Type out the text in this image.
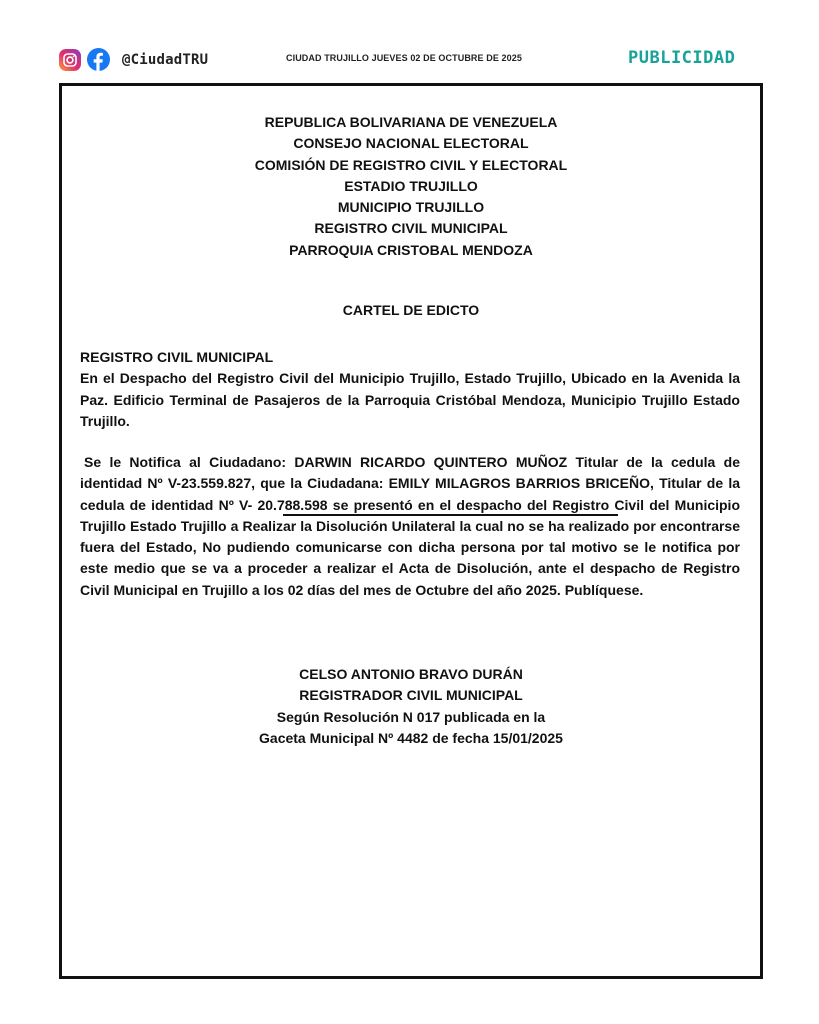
@CiudadTRU	CIUDAD TRUJILLO JUEVES 02 DE OCTUBRE DE 2025	PUBLICIDAD
REPUBLICA BOLIVARIANA DE VENEZUELA
CONSEJO NACIONAL ELECTORAL
COMISIÓN DE REGISTRO CIVIL Y ELECTORAL
ESTADIO TRUJILLO
MUNICIPIO TRUJILLO
REGISTRO CIVIL MUNICIPAL
PARROQUIA CRISTOBAL MENDOZA
CARTEL DE EDICTO
REGISTRO CIVIL MUNICIPAL
En el Despacho del Registro Civil del Municipio Trujillo, Estado Trujillo, Ubicado en la Avenida la Paz. Edificio Terminal de Pasajeros de la Parroquia Cristóbal Mendoza, Municipio Trujillo Estado Trujillo.
Se le Notifica al Ciudadano: DARWIN RICARDO QUINTERO MUÑOZ Titular de la cedula de identidad Nº V-23.559.827, que la Ciudadana: EMILY MILAGROS BARRIOS BRICEÑO, Titular de la cedula de identidad Nº V- 20.788.598 se presentó en el despacho del Registro Civil del Municipio Trujillo Estado Trujillo a Realizar la Disolución Unilateral la cual no se ha realizado por encontrarse fuera del Estado, No pudiendo comunicarse con dicha persona por tal motivo se le notifica por este medio que se va a proceder a realizar el Acta de Disolución, ante el despacho de Registro Civil Municipal en Trujillo a los 02 días del mes de Octubre del año 2025. Publíquese.
CELSO ANTONIO BRAVO DURÁN
REGISTRADOR CIVIL MUNICIPAL
Según Resolución N 017 publicada en la
Gaceta Municipal Nº 4482 de fecha 15/01/2025
